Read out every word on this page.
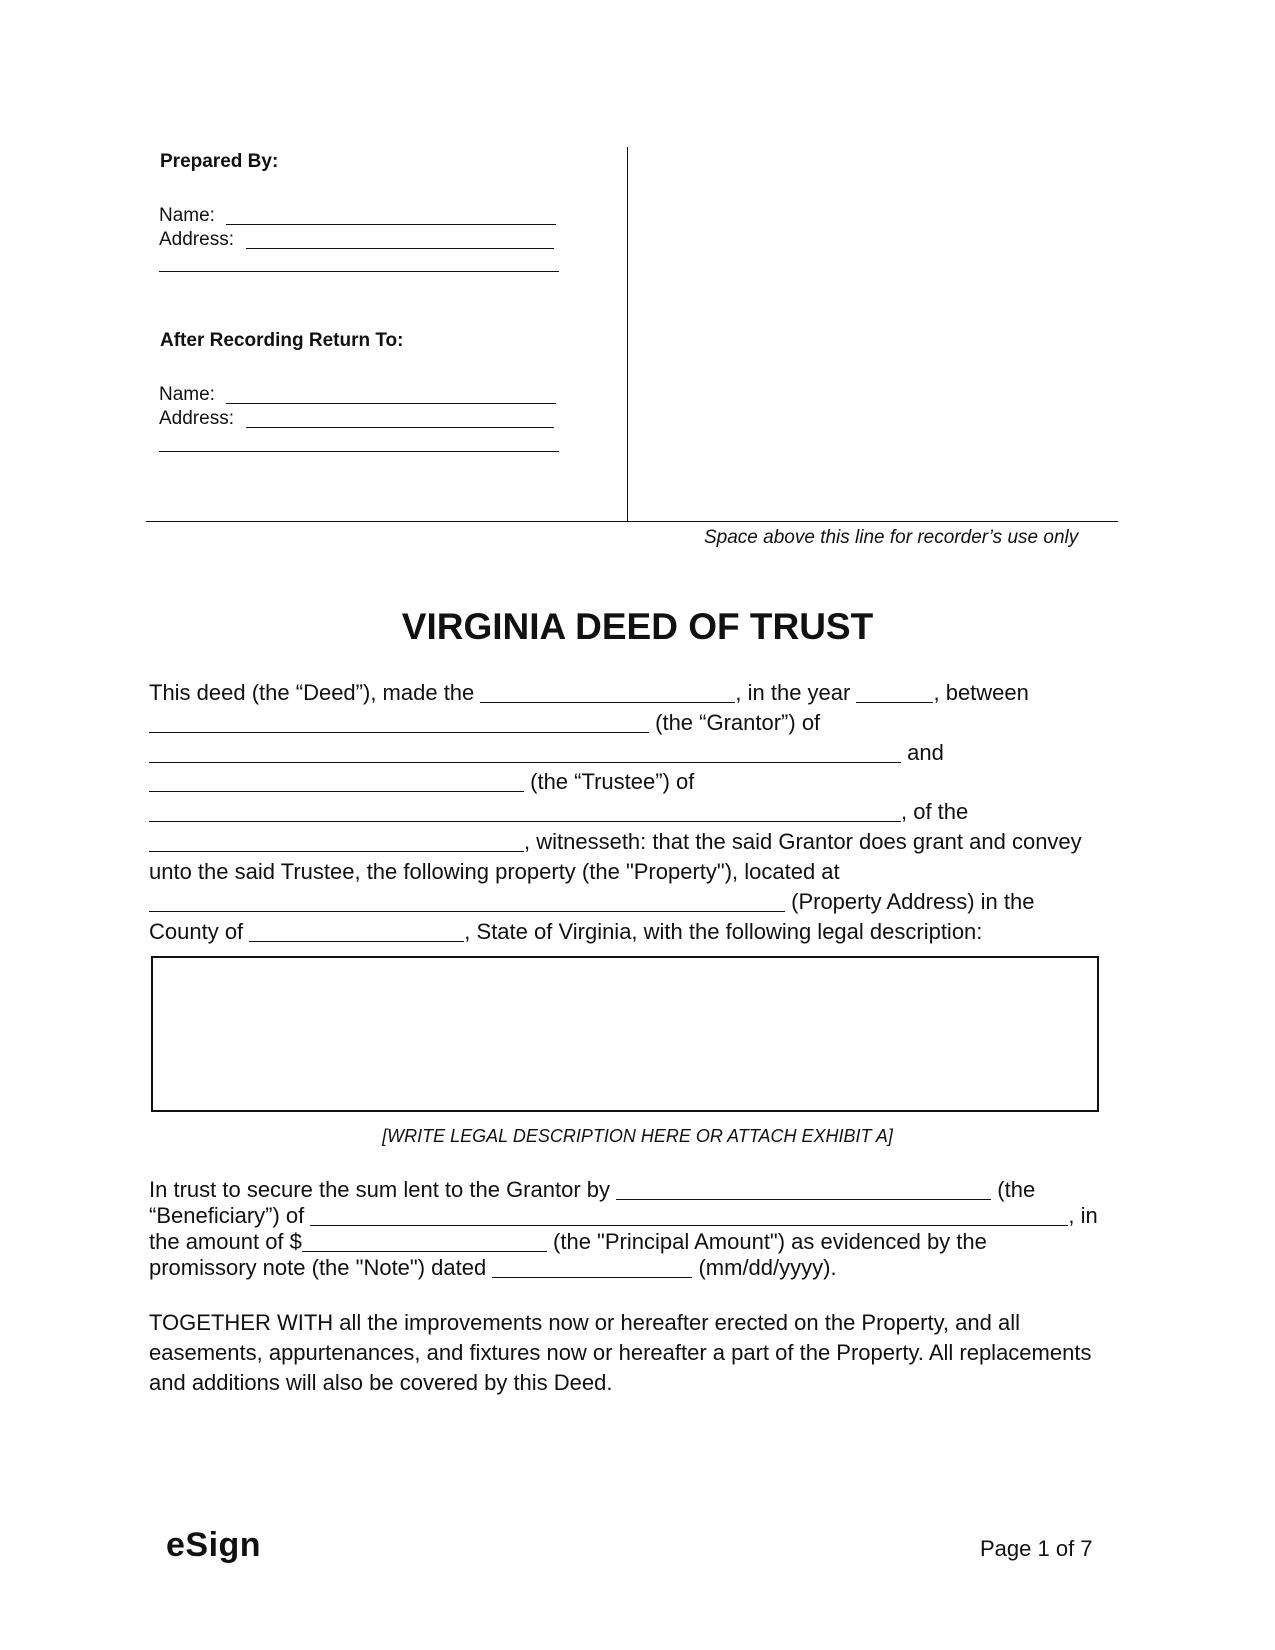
Prepared By:
Name:
Address:
After Recording Return To:
Name:
Address:
Space above this line for recorder’s use only
VIRGINIA DEED OF TRUST
This deed (the “Deed”), made the	, in the year	, between
(the “Grantor”) of
and
(the “Trustee”) of
, of the
, witnesseth: that the said Grantor does grant and convey
unto the said Trustee, the following property (the "Property"), located at
(Property Address) in the
County of	, State of Virginia, with the following legal description:
[WRITE LEGAL DESCRIPTION HERE OR ATTACH EXHIBIT A]
In trust to secure the sum lent to the Grantor by	(the
“Beneficiary”) of	, in
the amount of $	(the "Principal Amount") as evidenced by the
promissory note (the "Note") dated	(mm/dd/yyyy).
TOGETHER WITH all the improvements now or hereafter erected on the Property, and all easements, appurtenances, and fixtures now or hereafter a part of the Property. All replacements and additions will also be covered by this Deed.
eSign	Page 1 of 7
